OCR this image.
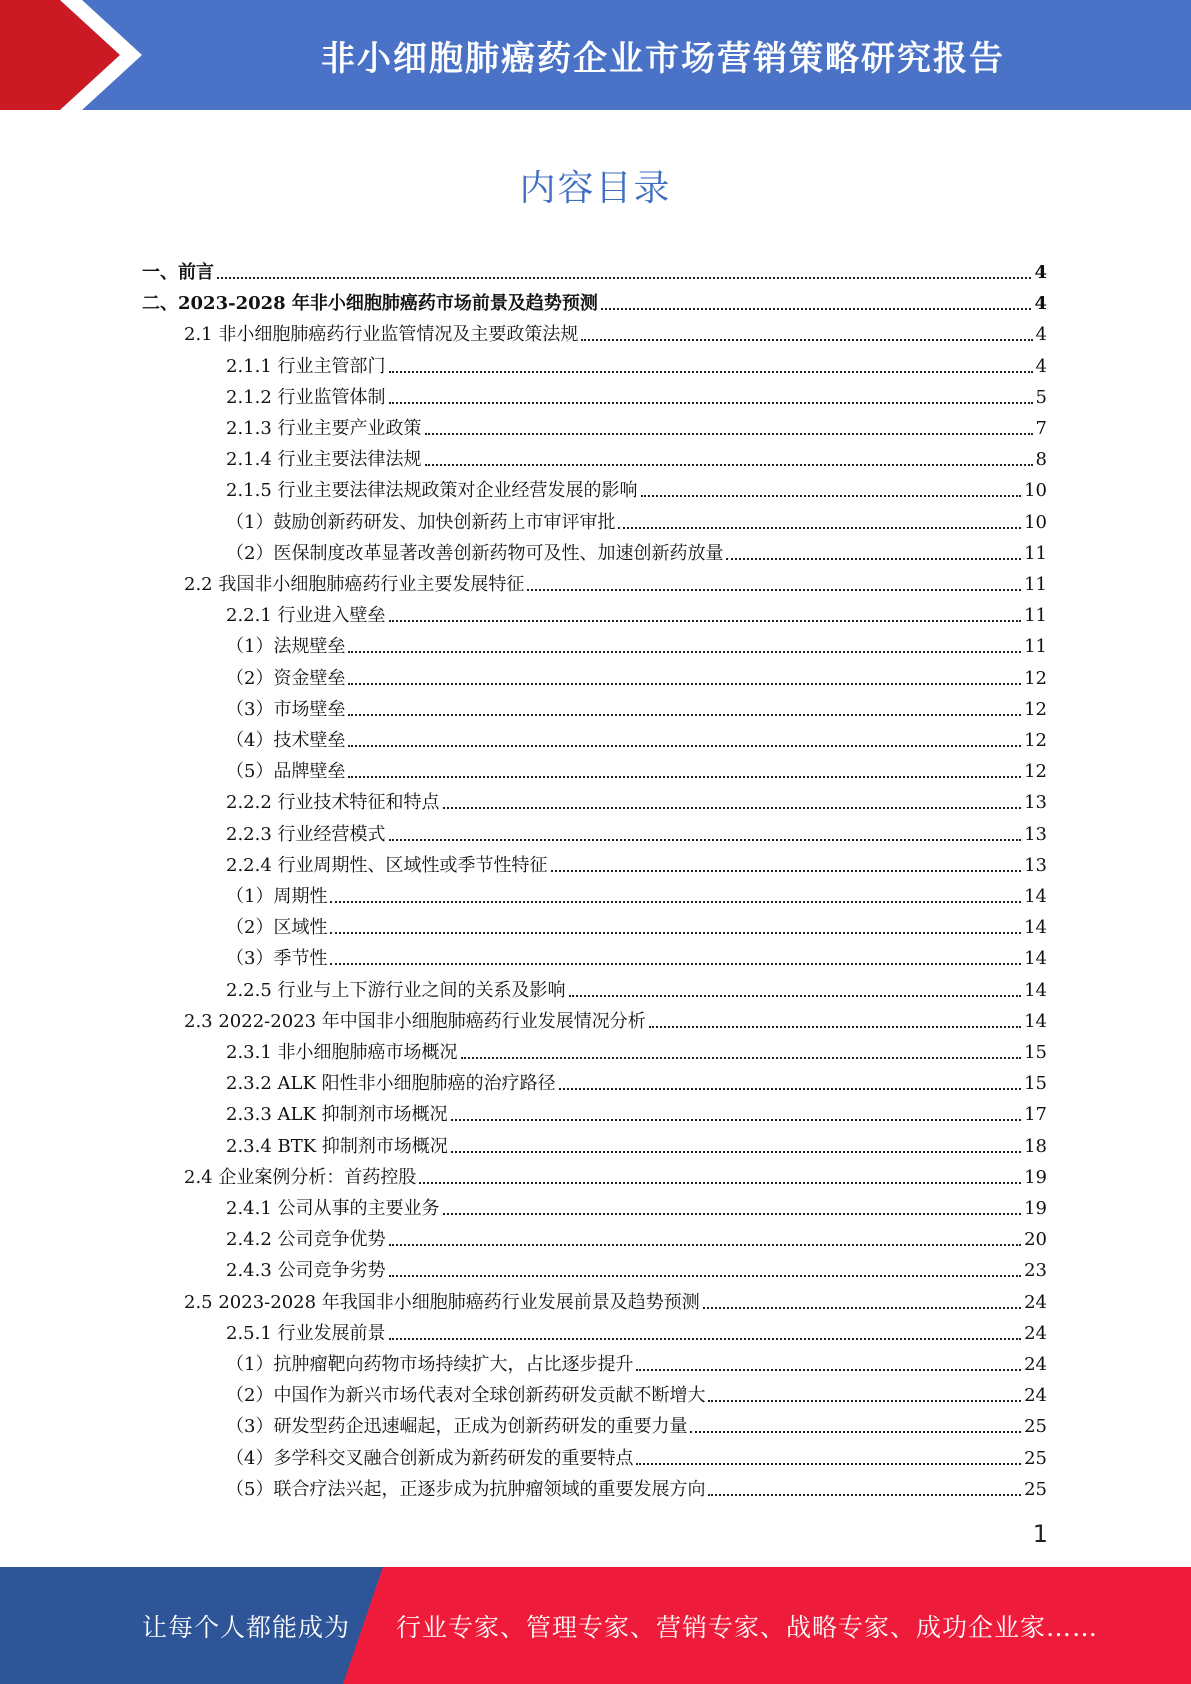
非小细胞肺癌药企业市场营销策略研究报告
内容目录
一、前言	4
二、2023-2028 年非小细胞肺癌药市场前景及趋势预测	4
2.1 非小细胞肺癌药行业监管情况及主要政策法规	4
2.1.1 行业主管部门	4
2.1.2 行业监管体制	5
2.1.3 行业主要产业政策	7
2.1.4 行业主要法律法规	8
2.1.5 行业主要法律法规政策对企业经营发展的影响	10
（1）鼓励创新药研发、加快创新药上市审评审批	10
（2）医保制度改革显著改善创新药物可及性、加速创新药放量	11
2.2 我国非小细胞肺癌药行业主要发展特征	11
2.2.1 行业进入壁垒	11
（1）法规壁垒	11
（2）资金壁垒	12
（3）市场壁垒	12
（4）技术壁垒	12
（5）品牌壁垒	12
2.2.2 行业技术特征和特点	13
2.2.3 行业经营模式	13
2.2.4 行业周期性、区域性或季节性特征	13
（1）周期性	14
（2）区域性	14
（3）季节性	14
2.2.5 行业与上下游行业之间的关系及影响	14
2.3 2022-2023 年中国非小细胞肺癌药行业发展情况分析	14
2.3.1 非小细胞肺癌市场概况	15
2.3.2 ALK 阳性非小细胞肺癌的治疗路径	15
2.3.3 ALK 抑制剂市场概况	17
2.3.4 BTK 抑制剂市场概况	18
2.4 企业案例分析：首药控股	19
2.4.1 公司从事的主要业务	19
2.4.2 公司竞争优势	20
2.4.3 公司竞争劣势	23
2.5 2023-2028 年我国非小细胞肺癌药行业发展前景及趋势预测	24
2.5.1 行业发展前景	24
（1）抗肿瘤靶向药物市场持续扩大，占比逐步提升	24
（2）中国作为新兴市场代表对全球创新药研发贡献不断增大	24
（3）研发型药企迅速崛起，正成为创新药研发的重要力量	25
（4）多学科交叉融合创新成为新药研发的重要特点	25
（5）联合疗法兴起，正逐步成为抗肿瘤领域的重要发展方向	25
1
让每个人都能成为 行业专家、管理专家、营销专家、战略专家、成功企业家……
